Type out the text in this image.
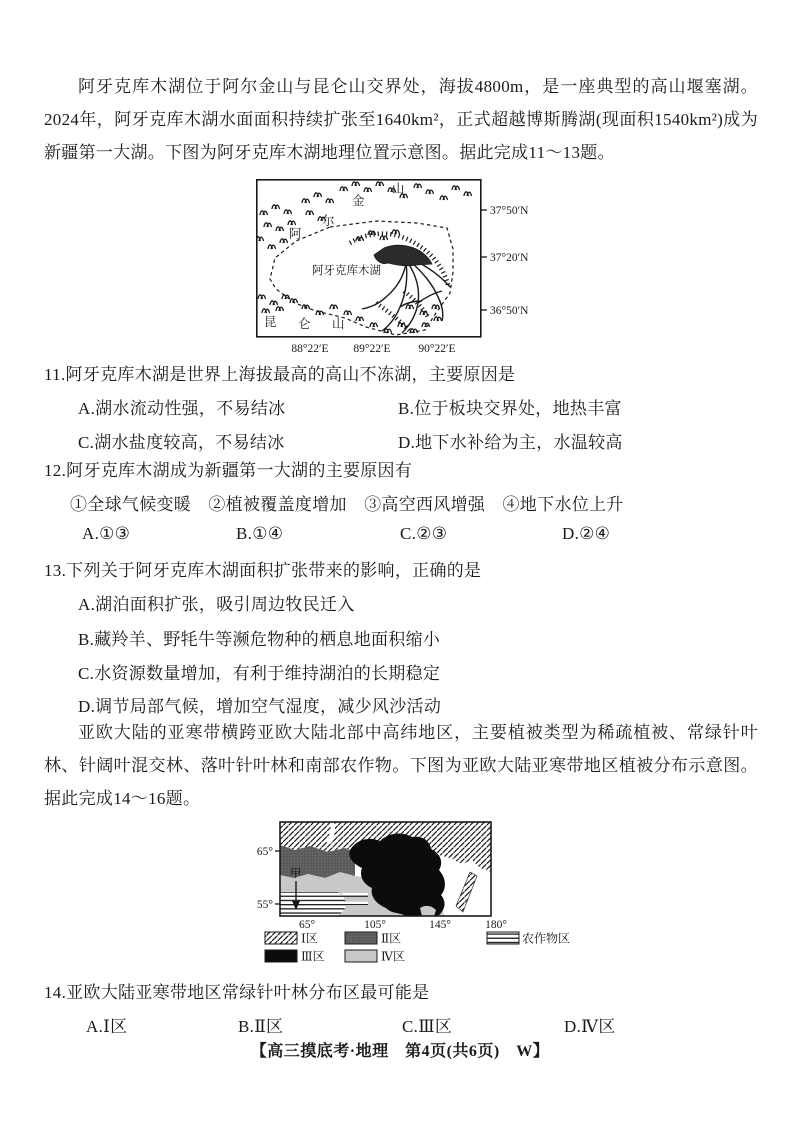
阿牙克库木湖位于阿尔金山与昆仑山交界处，海拔4800m，是一座典型的高山堰塞湖。2024年，阿牙克库木湖水面面积持续扩张至1640km²，正式超越博斯腾湖(现面积1540km²)成为新疆第一大湖。下图为阿牙克库木湖地理位置示意图。据此完成11～13题。

阿
尔
金
山
昆 仑 山
阿牙克库木湖
37°50′N
37°20′N
36°50′N
88°22′E 89°22′E 90°22′E
11.阿牙克库木湖是世界上海拔最高的高山不冻湖，主要原因是
A.湖水流动性强，不易结冰	B.位于板块交界处，地热丰富
C.湖水盐度较高，不易结冰	D.地下水补给为主，水温较高
12.阿牙克库木湖成为新疆第一大湖的主要原因有
①全球气候变暖　②植被覆盖度增加　③高空西风增强　④地下水位上升
A.①③	B.①④	C.②③	D.②④
13.下列关于阿牙克库木湖面积扩张带来的影响，正确的是
A.湖泊面积扩张，吸引周边牧民迁入
B.藏羚羊、野牦牛等濒危物种的栖息地面积缩小
C.水资源数量增加，有利于维持湖泊的长期稳定
D.调节局部气候，增加空气湿度，减少风沙活动

亚欧大陆的亚寒带横跨亚欧大陆北部中高纬地区，主要植被类型为稀疏植被、常绿针叶林、针阔叶混交林、落叶针叶林和南部农作物。下图为亚欧大陆亚寒带地区植被分布示意图。据此完成14～16题。

甲
65°
55°
65°	105°	145°	180°
Ⅰ区	Ⅱ区	农作物区
Ⅲ区	Ⅳ区
14.亚欧大陆亚寒带地区常绿针叶林分布区最可能是
A.Ⅰ区	B.Ⅱ区	C.Ⅲ区	D.Ⅳ区
【高三摸底考·地理　第4页(共6页)　W】
